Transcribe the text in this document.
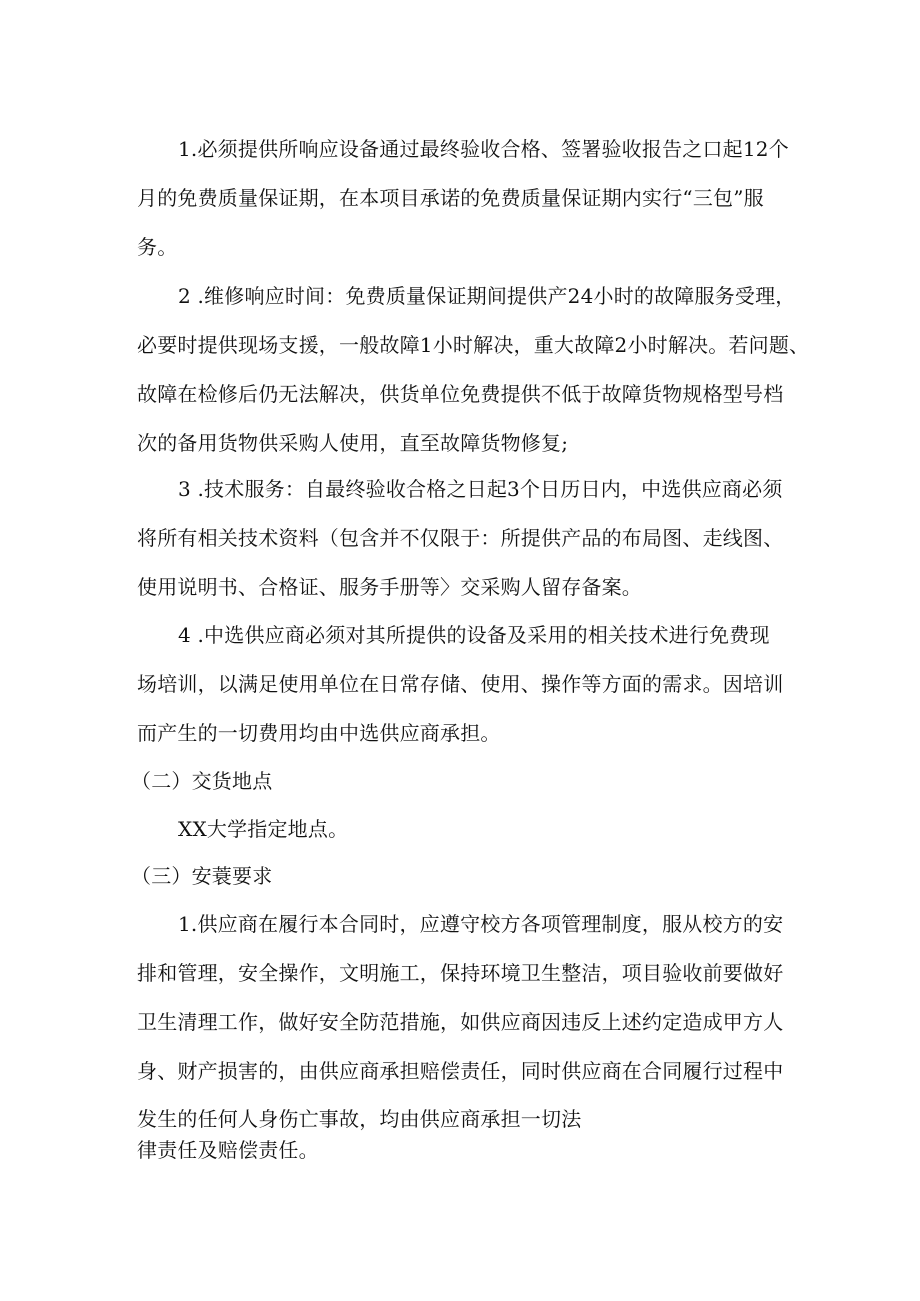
1.必须提供所响应设备通过最终验收合格、签署验收报告之口起12个
月的免费质量保证期，在本项目承诺的免费质量保证期内实行“三包”服
务。
2 .维修响应时间：免费质量保证期间提供产24小时的故障服务受理，
必要时提供现场支援，一般故障1小时解决，重大故障2小时解决。若问题、
故障在检修后仍无法解决，供货单位免费提供不低于故障货物规格型号档
次的备用货物供采购人使用，直至故障货物修复;
3 .技术服务：自最终验收合格之日起3个日历日内，中选供应商必须
将所有相关技术资料（包含并不仅限于：所提供产品的布局图、走线图、
使用说明书、合格证、服务手册等〉交采购人留存备案。
4 .中选供应商必须对其所提供的设备及采用的相关技术进行免费现
场培训，以满足使用单位在日常存储、使用、操作等方面的需求。因培训
而产生的一切费用均由中选供应商承担。
（二）交货地点
XX大学指定地点。
（三）安蓑要求
1.供应商在履行本合同时，应遵守校方各项管理制度，服从校方的安
排和管理，安全操作，文明施工，保持环境卫生整洁，项目验收前要做好
卫生清理工作，做好安全防范措施，如供应商因违反上述约定造成甲方人
身、财产损害的，由供应商承担赔偿责任，同时供应商在合同履行过程中
发生的任何人身伤亡事故，均由供应商承担一切法
律责任及赔偿责任。
